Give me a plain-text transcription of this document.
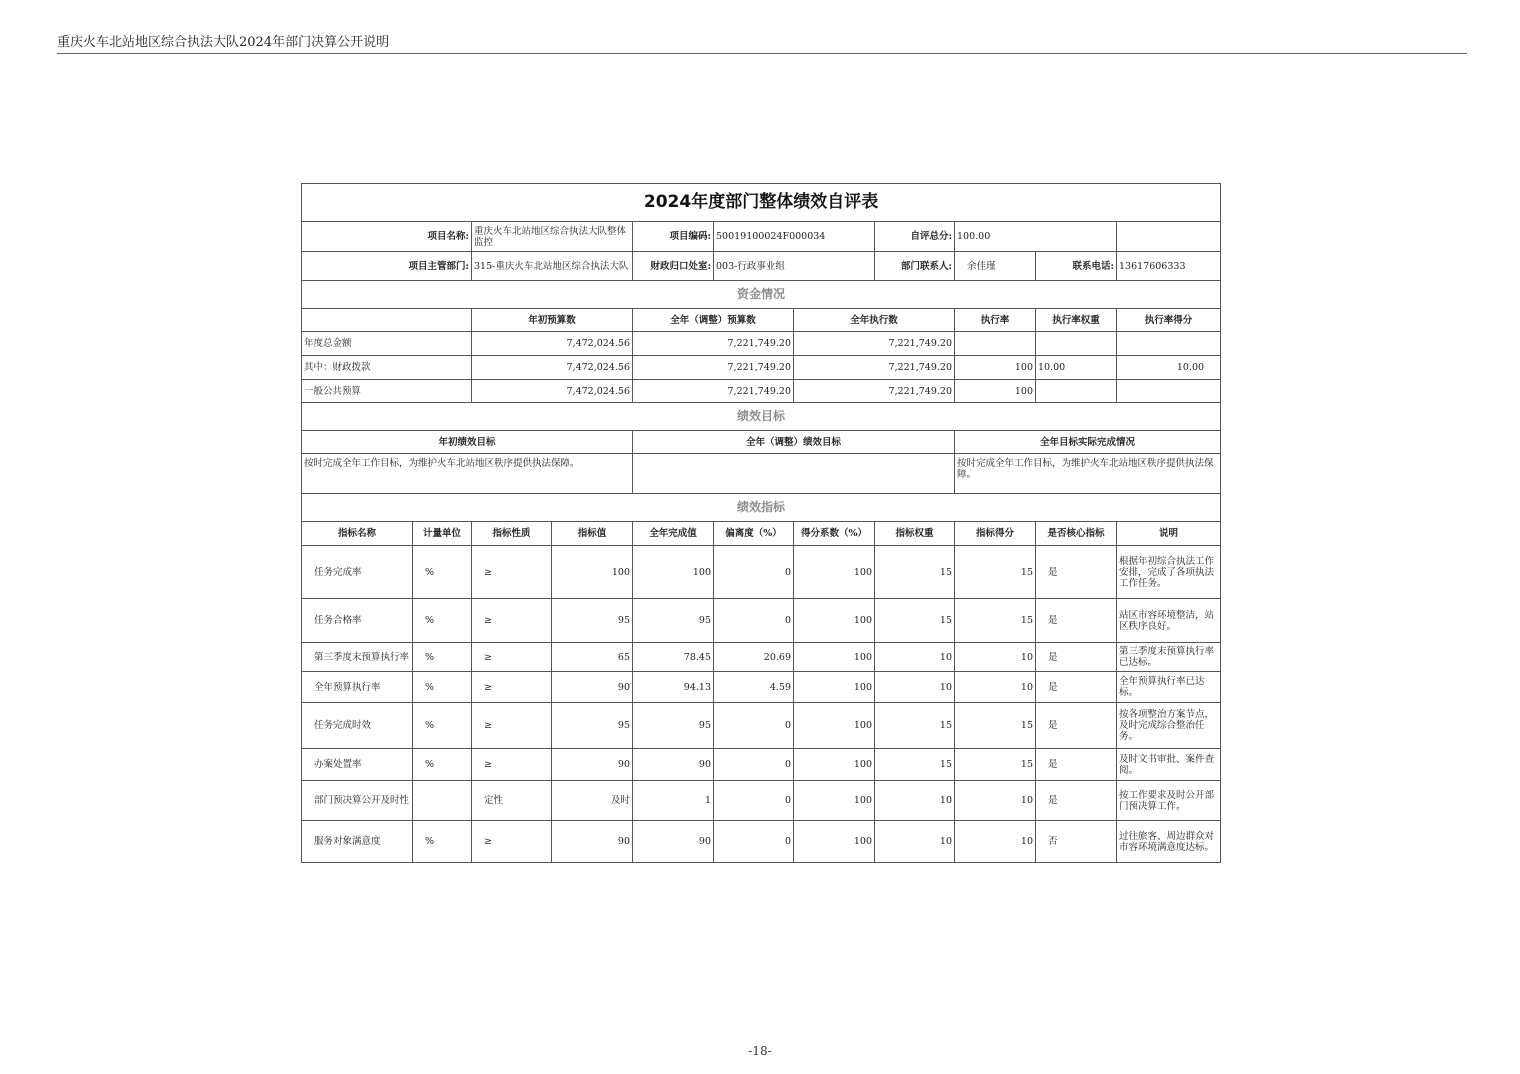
重庆火车北站地区综合执法大队2024年部门决算公开说明
2024年度部门整体绩效自评表										
项目名称:		重庆火车北站地区综合执法大队整体监控		项目编码:	50019100024F000034		自评总分:	100.00		
项目主管部门:		315-重庆火车北站地区综合执法大队		财政归口处室:	003-行政事业组		部门联系人:	余佳瑾	联系电话:	13617606333
资金情况										
		年初预算数		全年（调整）预算数		全年执行数		执行率	执行率权重	执行率得分
年度总金额		7,472,024.56		7,221,749.20		7,221,749.20				
其中：财政拨款		7,472,024.56		7,221,749.20		7,221,749.20		100	10.00	10.00
一般公共预算		7,472,024.56		7,221,749.20		7,221,749.20		100		
绩效目标										
年初绩效目标				全年（调整）绩效目标				全年目标实际完成情况		
按时完成全年工作目标，为维护火车北站地区秩序提供执法保障。								按时完成全年工作目标，为维护火车北站地区秩序提供执法保障。		
绩效指标										
指标名称	计量单位	指标性质	指标值	全年完成值	偏离度（%）	得分系数（%）	指标权重	指标得分	是否核心指标	说明
任务完成率	%	≥	100	100	0	100	15	15	是	根据年初综合执法工作安排，完成了各项执法工作任务。
任务合格率	%	≥	95	95	0	100	15	15	是	站区市容环境整洁，站区秩序良好。
第三季度末预算执行率	%	≥	65	78.45	20.69	100	10	10	是	第三季度末预算执行率已达标。
全年预算执行率	%	≥	90	94.13	4.59	100	10	10	是	全年预算执行率已达标。
任务完成时效	%	≥	95	95	0	100	15	15	是	按各项整治方案节点，及时完成综合整治任务。
办案处置率	%	≥	90	90	0	100	15	15	是	及时文书审批、案件查阅。
部门预决算公开及时性		定性	及时	1	0	100	10	10	是	按工作要求及时公开部门预决算工作。
服务对象满意度	%	≥	90	90	0	100	10	10	否	过往旅客、周边群众对市容环境满意度达标。
-18-
